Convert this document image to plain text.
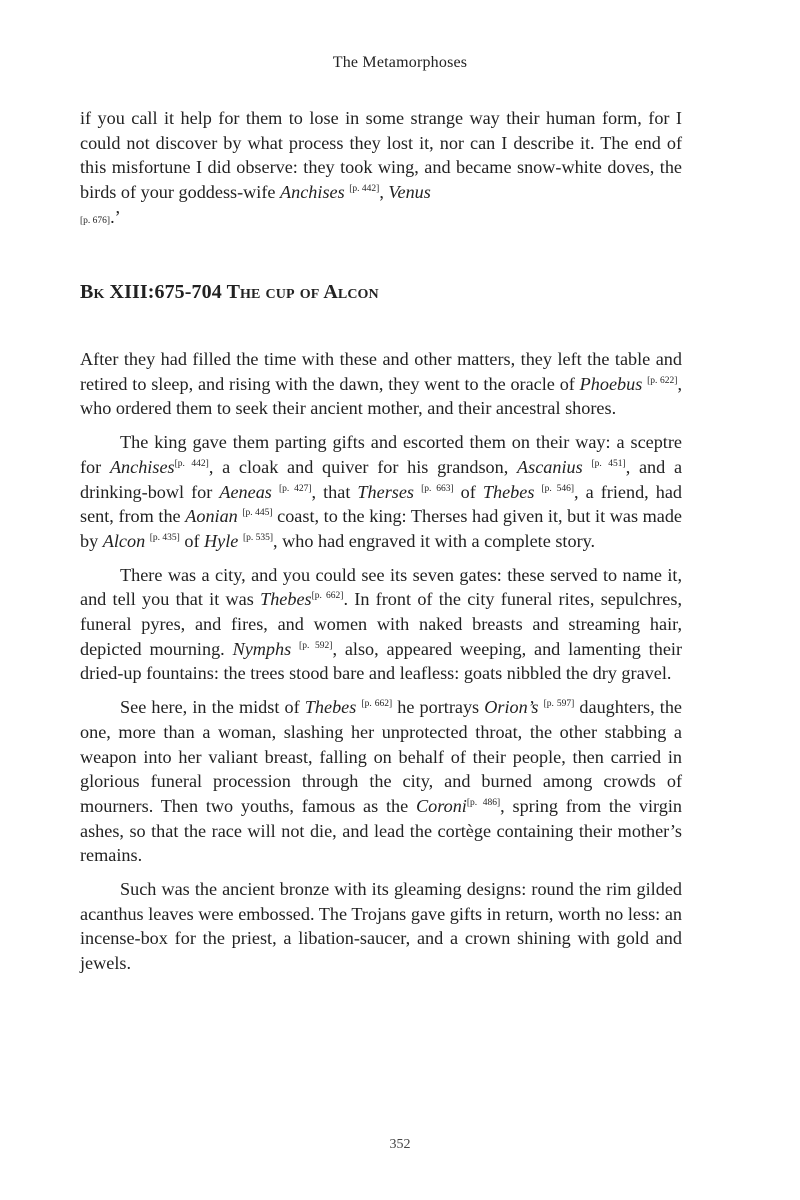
The Metamorphoses

if you call it help for them to lose in some strange way their human form, for I could not discover by what process they lost it, nor can I describe it. The end of this misfortune I did observe: they took wing, and became snow-white doves, the birds of your goddess-wife Anchises [p. 442], Venus
[p. 676].’

Bk XIII:675-704 The cup of Alcon

After they had filled the time with these and other matters, they left the table and retired to sleep, and rising with the dawn, they went to the oracle of Phoebus [p. 622], who ordered them to seek their ancient mother, and their ancestral shores.

The king gave them parting gifts and escorted them on their way: a sceptre for Anchises[p. 442], a cloak and quiver for his grandson, Ascanius [p. 451], and a drinking-bowl for Aeneas [p. 427], that Therses [p. 663] of Thebes [p. 546], a friend, had sent, from the Aonian [p. 445] coast, to the king: Therses had given it, but it was made by Alcon [p. 435] of Hyle [p. 535], who had engraved it with a complete story.

There was a city, and you could see its seven gates: these served to name it, and tell you that it was Thebes[p. 662]. In front of the city funeral rites, sepulchres, funeral pyres, and fires, and women with naked breasts and streaming hair, depicted mourning. Nymphs [p. 592], also, appeared weeping, and lamenting their dried-up fountains: the trees stood bare and leafless: goats nibbled the dry gravel.

See here, in the midst of Thebes [p. 662] he portrays Orion’s [p. 597] daughters, the one, more than a woman, slashing her unprotected throat, the other stabbing a weapon into her valiant breast, falling on behalf of their people, then carried in glorious funeral procession through the city, and burned among crowds of mourners. Then two youths, famous as the Coroni[p. 486], spring from the virgin ashes, so that the race will not die, and lead the cortège containing their mother’s remains.

Such was the ancient bronze with its gleaming designs: round the rim gilded acanthus leaves were embossed. The Trojans gave gifts in return, worth no less: an incense-box for the priest, a libation-saucer, and a crown shining with gold and jewels.

352
